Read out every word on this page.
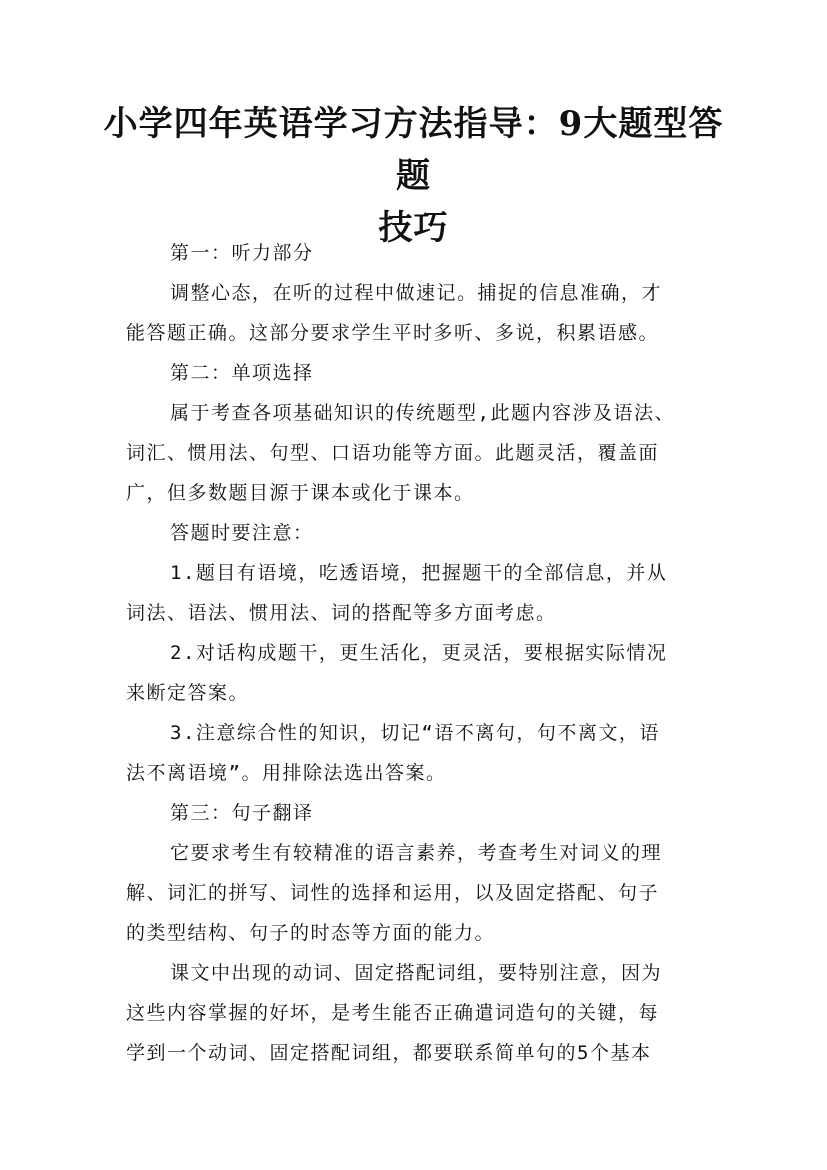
小学四年英语学习方法指导：9大题型答题
技巧
第一：听力部分
调整心态，在听的过程中做速记。捕捉的信息准确，才
能答题正确。这部分要求学生平时多听、多说，积累语感。
第二：单项选择
属于考查各项基础知识的传统题型,此题内容涉及语法、
词汇、惯用法、句型、口语功能等方面。此题灵活，覆盖面
广，但多数题目源于课本或化于课本。
答题时要注意：
1.题目有语境，吃透语境，把握题干的全部信息，并从
词法、语法、惯用法、词的搭配等多方面考虑。
2.对话构成题干，更生活化，更灵活，要根据实际情况
来断定答案。
3.注意综合性的知识，切记“语不离句，句不离文，语
法不离语境”。用排除法选出答案。
第三：句子翻译
它要求考生有较精准的语言素养，考查考生对词义的理
解、词汇的拼写、词性的选择和运用，以及固定搭配、句子
的类型结构、句子的时态等方面的能力。
课文中出现的动词、固定搭配词组，要特别注意，因为
这些内容掌握的好坏，是考生能否正确遣词造句的关键，每
学到一个动词、固定搭配词组，都要联系简单句的5个基本
